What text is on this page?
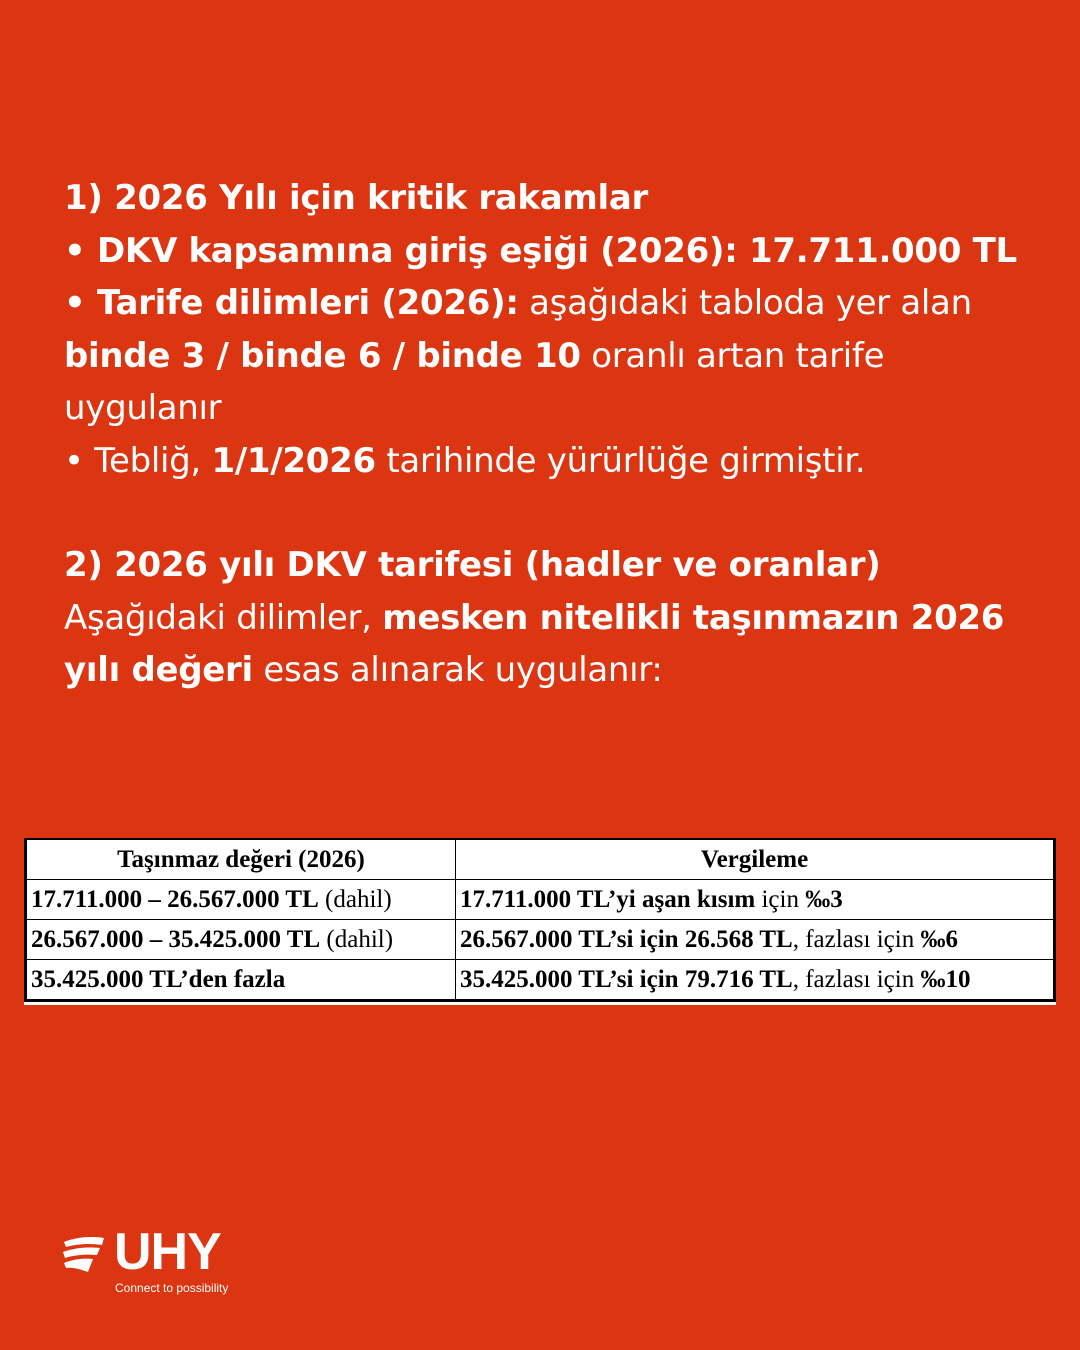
1) 2026 Yılı için kritik rakamlar

• DKV kapsamına giriş eşiği (2026): 17.711.000 TL

• Tarife dilimleri (2026): aşağıdaki tabloda yer alan binde 3 / binde 6 / binde 10 oranlı artan tarife uygulanır

• Tebliğ, 1/1/2026 tarihinde yürürlüğe girmiştir.

2) 2026 yılı DKV tarifesi (hadler ve oranlar)

Aşağıdaki dilimler, mesken nitelikli taşınmazın 2026 yılı değeri esas alınarak uygulanır:

Taşınmaz değeri (2026)	Vergileme
17.711.000 – 26.567.000 TL (dahil)	17.711.000 TL’yi aşan kısım için ‰3
26.567.000 – 35.425.000 TL (dahil)	26.567.000 TL’si için 26.568 TL, fazlası için ‰6
35.425.000 TL’den fazla	35.425.000 TL’si için 79.716 TL, fazlası için ‰10
UHY
Connect to possibility
